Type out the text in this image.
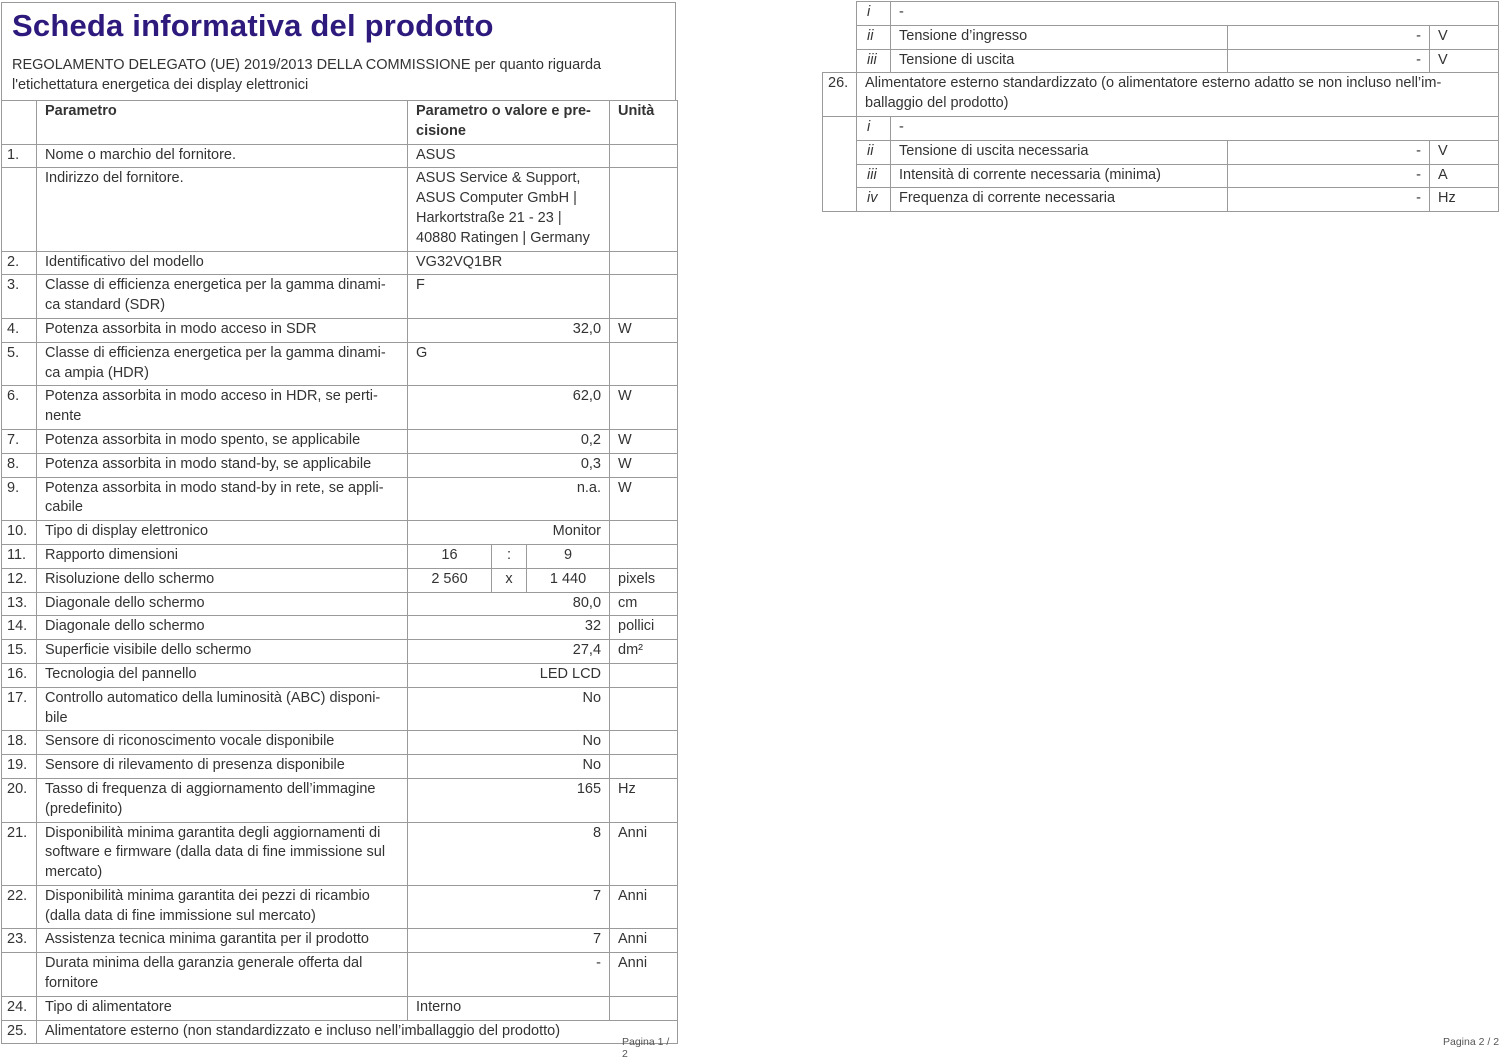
Scheda informativa del prodotto
REGOLAMENTO DELEGATO (UE) 2019/2013 DELLA COMMISSIONE per quanto riguarda l'etichettatura energetica dei display elettronici
	Parametro	Parametro o valore e pre-cisione			Unità
1.	Nome o marchio del fornitore.	ASUS			
	Indirizzo del fornitore.	ASUS Service & Support, ASUS Computer GmbH | Harkortstraße 21 - 23 | 40880 Ratingen | Germany			
2.	Identificativo del modello	VG32VQ1BR			
3.	Classe di efficienza energetica per la gamma dinami-ca standard (SDR)	F			
4.	Potenza assorbita in modo acceso in SDR	32,0			W
5.	Classe di efficienza energetica per la gamma dinami-ca ampia (HDR)	G			
6.	Potenza assorbita in modo acceso in HDR, se perti-nente	62,0			W
7.	Potenza assorbita in modo spento, se applicabile	0,2			W
8.	Potenza assorbita in modo stand-by, se applicabile	0,3			W
9.	Potenza assorbita in modo stand-by in rete, se appli-cabile	n.a.			W
10.	Tipo di display elettronico	Monitor			
11.	Rapporto dimensioni	16	:	9	
12.	Risoluzione dello schermo	2 560	x	1 440	pixels
13.	Diagonale dello schermo	80,0			cm
14.	Diagonale dello schermo	32			pollici
15.	Superficie visibile dello schermo	27,4			dm²
16.	Tecnologia del pannello	LED LCD			
17.	Controllo automatico della luminosità (ABC) disponi-bile	No			
18.	Sensore di riconoscimento vocale disponibile	No			
19.	Sensore di rilevamento di presenza disponibile	No			
20.	Tasso di frequenza di aggiornamento dell’immagine (predefinito)	165			Hz
21.	Disponibilità minima garantita degli aggiornamenti di software e firmware (dalla data di fine immissione sul mercato)	8			Anni
22.	Disponibilità minima garantita dei pezzi di ricambio (dalla data di fine immissione sul mercato)	7			Anni
23.	Assistenza tecnica minima garantita per il prodotto	7			Anni
	Durata minima della garanzia generale offerta dal fornitore	-			Anni
24.	Tipo di alimentatore	Interno			
25.	Alimentatore esterno (non standardizzato e incluso nell’imballaggio del prodotto)				
Pagina 1 / 2
	i	-		
	ii	Tensione d’ingresso	-	V
	iii	Tensione di uscita	-	V
26.	Alimentatore esterno standardizzato (o alimentatore esterno adatto se non incluso nell’im-ballaggio del prodotto)			
	i	-		
	ii	Tensione di uscita necessaria	-	V
	iii	Intensità di corrente necessaria (minima)	-	A
	iv	Frequenza di corrente necessaria	-	Hz
Pagina 2 / 2
